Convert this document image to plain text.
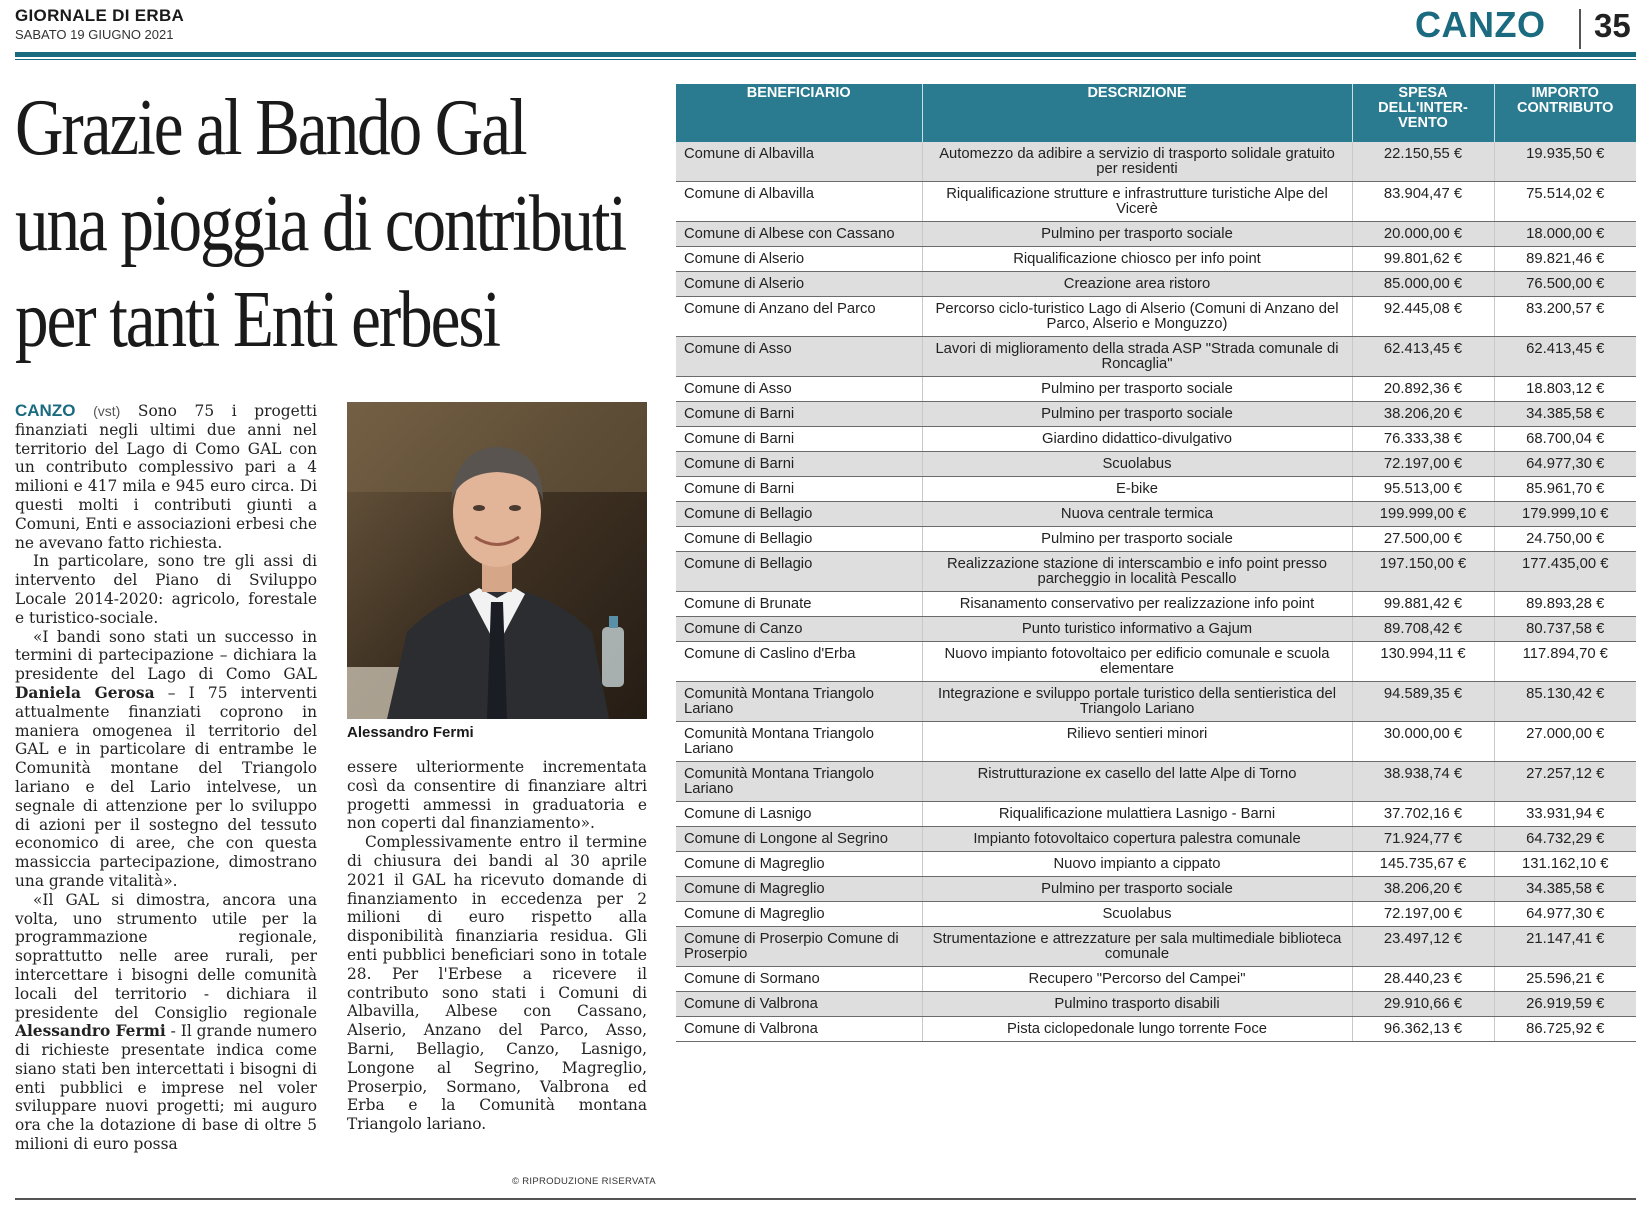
GIORNALE DI ERBA
SABATO 19 GIUGNO 2021	CANZO 35
Grazie al Bando Gal
una pioggia di contributi
per tanti Enti erbesi

CANZO (vst) Sono 75 i progetti finanziati negli ultimi due anni nel territorio del Lago di Como GAL con un contributo complessivo pari a 4 milioni e 417 mila e 945 euro circa. Di questi molti i contributi giunti a Comuni, Enti e associazioni erbesi che ne avevano fatto richiesta.

In particolare, sono tre gli assi di intervento del Piano di Sviluppo Locale 2014-2020: agricolo, forestale e turistico-sociale.

«I bandi sono stati un successo in termini di partecipazione – dichiara la presidente del Lago di Como GAL Daniela Gerosa – I 75 interventi attualmente finanziati coprono in maniera omogenea il territorio del GAL e in particolare di entrambe le Comunità montane del Triangolo lariano e del Lario intelvese, un segnale di attenzione per lo sviluppo di azioni per il sostegno del tessuto economico di aree, che con questa massiccia partecipazione, dimostrano una grande vitalità».

«Il GAL si dimostra, ancora una volta, uno strumento utile per la programmazione regionale, soprattutto nelle aree rurali, per intercettare i bisogni delle comunità locali del territorio - dichiara il presidente del Consiglio regionale Alessandro Fermi - Il grande numero di richieste presentate indica come siano stati ben intercettati i bisogni di enti pubblici e imprese nel voler sviluppare nuovi progetti; mi auguro ora che la dotazione di base di oltre 5 milioni di euro possa

Alessandro Fermi

essere ulteriormente incrementata così da consentire di finanziare altri progetti ammessi in graduatoria e non coperti dal finanziamento».

Complessivamente entro il termine di chiusura dei bandi al 30 aprile 2021 il GAL ha ricevuto domande di finanziamento in eccedenza per 2 milioni di euro rispetto alla disponibilità finanziaria residua. Gli enti pubblici beneficiari sono in totale 28. Per l'Erbese a ricevere il contributo sono stati i Comuni di Albavilla, Albese con Cassano, Alserio, Anzano del Parco, Asso, Barni, Bellagio, Canzo, Lasnigo, Longone al Segrino, Magreglio, Proserpio, Sormano, Valbrona ed Erba e la Comunità montana Triangolo lariano.

© RIPRODUZIONE RISERVATA
BENEFICIARIO	DESCRIZIONE	SPESA DELL'INTER-VENTO	IMPORTO CONTRIBUTO
Comune di Albavilla	Automezzo da adibire a servizio di trasporto solidale gratuito per residenti	22.150,55 €	19.935,50 €
Comune di Albavilla	Riqualificazione strutture e infrastrutture turistiche Alpe del Vicerè	83.904,47 €	75.514,02 €
Comune di Albese con Cassano	Pulmino per trasporto sociale	20.000,00 €	18.000,00 €
Comune di Alserio	Riqualificazione chiosco per info point	99.801,62 €	89.821,46 €
Comune di Alserio	Creazione area ristoro	85.000,00 €	76.500,00 €
Comune di Anzano del Parco	Percorso ciclo-turistico Lago di Alserio (Comuni di Anzano del Parco, Alserio e Monguzzo)	92.445,08 €	83.200,57 €
Comune di Asso	Lavori di miglioramento della strada ASP "Strada comunale di Roncaglia"	62.413,45 €	62.413,45 €
Comune di Asso	Pulmino per trasporto sociale	20.892,36 €	18.803,12 €
Comune di Barni	Pulmino per trasporto sociale	38.206,20 €	34.385,58 €
Comune di Barni	Giardino didattico-divulgativo	76.333,38 €	68.700,04 €
Comune di Barni	Scuolabus	72.197,00 €	64.977,30 €
Comune di Barni	E-bike	95.513,00 €	85.961,70 €
Comune di Bellagio	Nuova centrale termica	199.999,00 €	179.999,10 €
Comune di Bellagio	Pulmino per trasporto sociale	27.500,00 €	24.750,00 €
Comune di Bellagio	Realizzazione stazione di interscambio e info point presso parcheggio in località Pescallo	197.150,00 €	177.435,00 €
Comune di Brunate	Risanamento conservativo per realizzazione info point	99.881,42 €	89.893,28 €
Comune di Canzo	Punto turistico informativo a Gajum	89.708,42 €	80.737,58 €
Comune di Caslino d'Erba	Nuovo impianto fotovoltaico per edificio comunale e scuola elementare	130.994,11 €	117.894,70 €
Comunità Montana Triangolo Lariano	Integrazione e sviluppo portale turistico della sentieristica del Triangolo Lariano	94.589,35 €	85.130,42 €
Comunità Montana Triangolo Lariano	Rilievo sentieri minori	30.000,00 €	27.000,00 €
Comunità Montana Triangolo Lariano	Ristrutturazione ex casello del latte Alpe di Torno	38.938,74 €	27.257,12 €
Comune di Lasnigo	Riqualificazione mulattiera Lasnigo - Barni	37.702,16 €	33.931,94 €
Comune di Longone al Segrino	Impianto fotovoltaico copertura palestra comunale	71.924,77 €	64.732,29 €
Comune di Magreglio	Nuovo impianto a cippato	145.735,67 €	131.162,10 €
Comune di Magreglio	Pulmino per trasporto sociale	38.206,20 €	34.385,58 €
Comune di Magreglio	Scuolabus	72.197,00 €	64.977,30 €
Comune di Proserpio Comune di Proserpio	Strumentazione e attrezzature per sala multimediale biblioteca comunale	23.497,12 €	21.147,41 €
Comune di Sormano	Recupero "Percorso del Campei"	28.440,23 €	25.596,21 €
Comune di Valbrona	Pulmino trasporto disabili	29.910,66 €	26.919,59 €
Comune di Valbrona	Pista ciclopedonale lungo torrente Foce	96.362,13 €	86.725,92 €
